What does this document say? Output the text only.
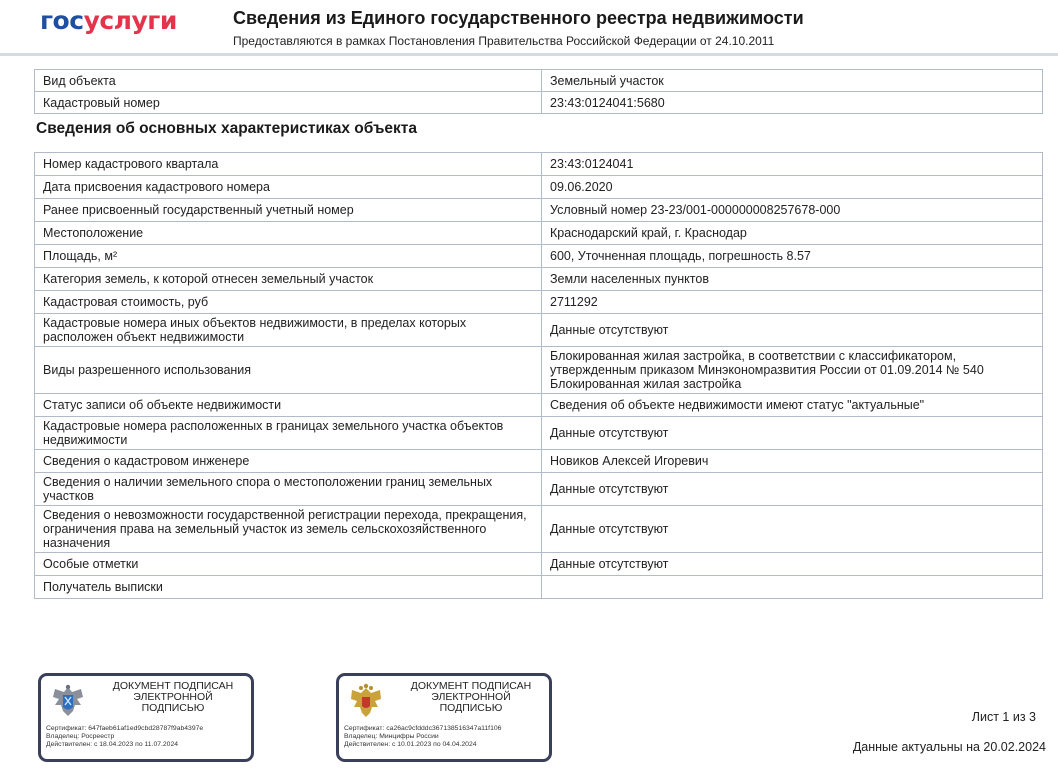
госуслуги	Сведения из Единого государственного реестра недвижимости
Предоставляются в рамках Постановления Правительства Российской Федерации от 24.10.2011
Вид объекта	Земельный участок
Кадастровый номер	23:43:0124041:5680
Сведения об основных характеристиках объекта
Номер кадастрового квартала	23:43:0124041
Дата присвоения кадастрового номера	09.06.2020
Ранее присвоенный государственный учетный номер	Условный номер 23-23/001-000000008257678-000
Местоположение	Краснодарский край, г. Краснодар
Площадь, м²	600, Уточненная площадь, погрешность 8.57
Категория земель, к которой отнесен земельный участок	Земли населенных пунктов
Кадастровая стоимость, руб	2711292
Кадастровые номера иных объектов недвижимости, в пределах которых расположен объект недвижимости	Данные отсутствуют
Виды разрешенного использования	Блокированная жилая застройка, в соответствии с классификатором, утвержденным приказом Минэкономразвития России от 01.09.2014 № 540 Блокированная жилая застройка
Статус записи об объекте недвижимости	Сведения об объекте недвижимости имеют статус "актуальные"
Кадастровые номера расположенных в границах земельного участка объектов недвижимости	Данные отсутствуют
Сведения о кадастровом инженере	Новиков Алексей Игоревич
Сведения о наличии земельного спора о местоположении границ земельных участков	Данные отсутствуют
Сведения о невозможности государственной регистрации перехода, прекращения, ограничения права на земельный участок из земель сельскохозяйственного назначения	Данные отсутствуют
Особые отметки	Данные отсутствуют
Получатель выписки	
ДОКУМЕНТ ПОДПИСАН
ЭЛЕКТРОННОЙ
ПОДПИСЬЮ
Сертификат: 647faeb61af1ed9cbd28787f9ab4397e
Владелец: Росреестр
Действителен: с 18.04.2023 по 11.07.2024
ДОКУМЕНТ ПОДПИСАН
ЭЛЕКТРОННОЙ
ПОДПИСЬЮ
Сертификат: ca26ac9cfdddc367138516347a11f106
Владелец: Минцифры России
Действителен: с 10.01.2023 по 04.04.2024
Лист 1 из 3
Данные актуальны на 20.02.2024
